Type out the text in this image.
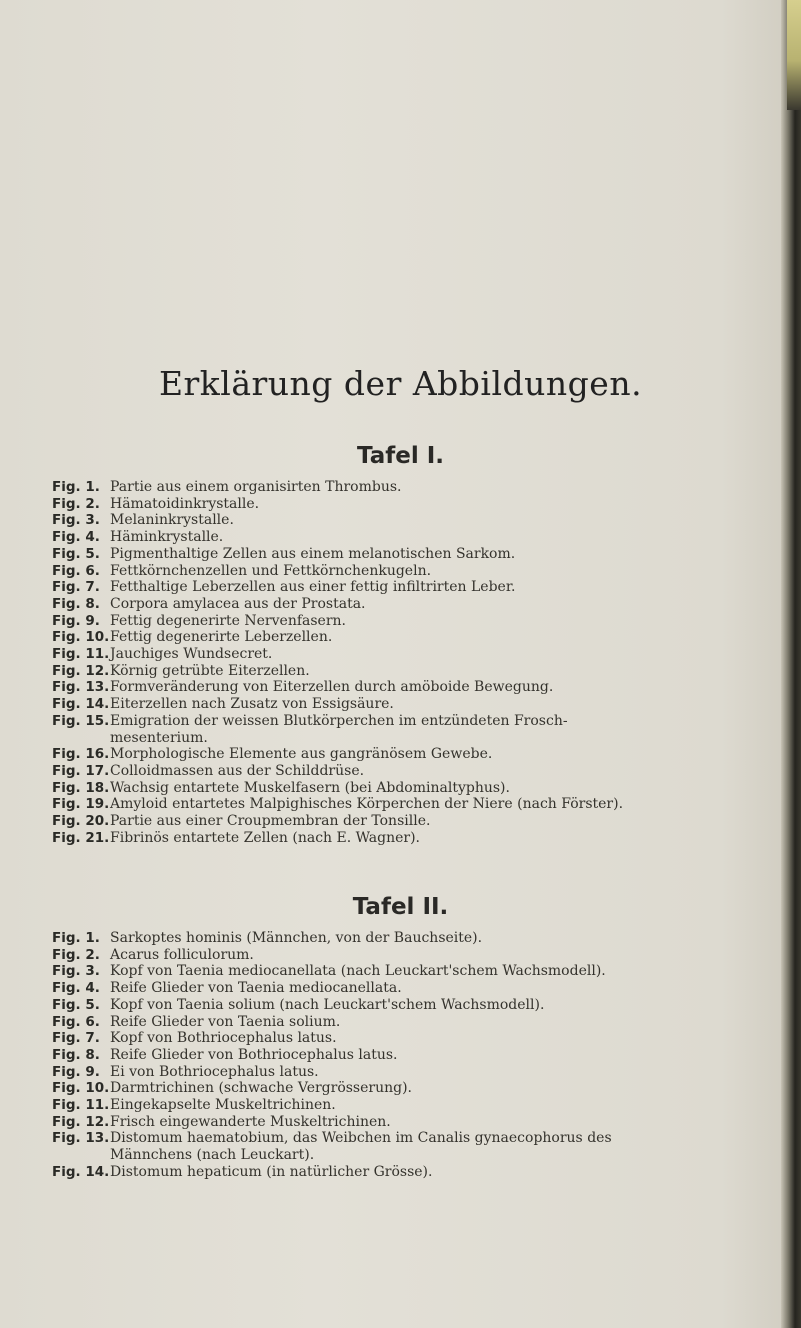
Erklärung der Abbildungen.
Tafel I.
Fig. 1. Partie aus einem organisirten Thrombus.
Fig. 2. Hämatoidinkrystalle.
Fig. 3. Melaninkrystalle.
Fig. 4. Häminkrystalle.
Fig. 5. Pigmenthaltige Zellen aus einem melanotischen Sarkom.
Fig. 6. Fettkörnchenzellen und Fettkörnchenkugeln.
Fig. 7. Fetthaltige Leberzellen aus einer fettig infiltrirten Leber.
Fig. 8. Corpora amylacea aus der Prostata.
Fig. 9. Fettig degenerirte Nervenfasern.
Fig. 10. Fettig degenerirte Leberzellen.
Fig. 11. Jauchiges Wundsecret.
Fig. 12. Körnig getrübte Eiterzellen.
Fig. 13. Formveränderung von Eiterzellen durch amöboide Bewegung.
Fig. 14. Eiterzellen nach Zusatz von Essigsäure.
Fig. 15. Emigration der weissen Blutkörperchen im entzündeten Frosch-
mesenterium.
Fig. 16. Morphologische Elemente aus gangränösem Gewebe.
Fig. 17. Colloidmassen aus der Schilddrüse.
Fig. 18. Wachsig entartete Muskelfasern (bei Abdominaltyphus).
Fig. 19. Amyloid entartetes Malpighisches Körperchen der Niere (nach Förster).
Fig. 20. Partie aus einer Croupmembran der Tonsille.
Fig. 21. Fibrinös entartete Zellen (nach E. Wagner).
Tafel II.
Fig. 1. Sarkoptes hominis (Männchen, von der Bauchseite).
Fig. 2. Acarus folliculorum.
Fig. 3. Kopf von Taenia mediocanellata (nach Leuckart'schem Wachsmodell).
Fig. 4. Reife Glieder von Taenia mediocanellata.
Fig. 5. Kopf von Taenia solium (nach Leuckart'schem Wachsmodell).
Fig. 6. Reife Glieder von Taenia solium.
Fig. 7. Kopf von Bothriocephalus latus.
Fig. 8. Reife Glieder von Bothriocephalus latus.
Fig. 9. Ei von Bothriocephalus latus.
Fig. 10. Darmtrichinen (schwache Vergrösserung).
Fig. 11. Eingekapselte Muskeltrichinen.
Fig. 12. Frisch eingewanderte Muskeltrichinen.
Fig. 13. Distomum haematobium, das Weibchen im Canalis gynaecophorus des
Männchens (nach Leuckart).
Fig. 14. Distomum hepaticum (in natürlicher Grösse).
